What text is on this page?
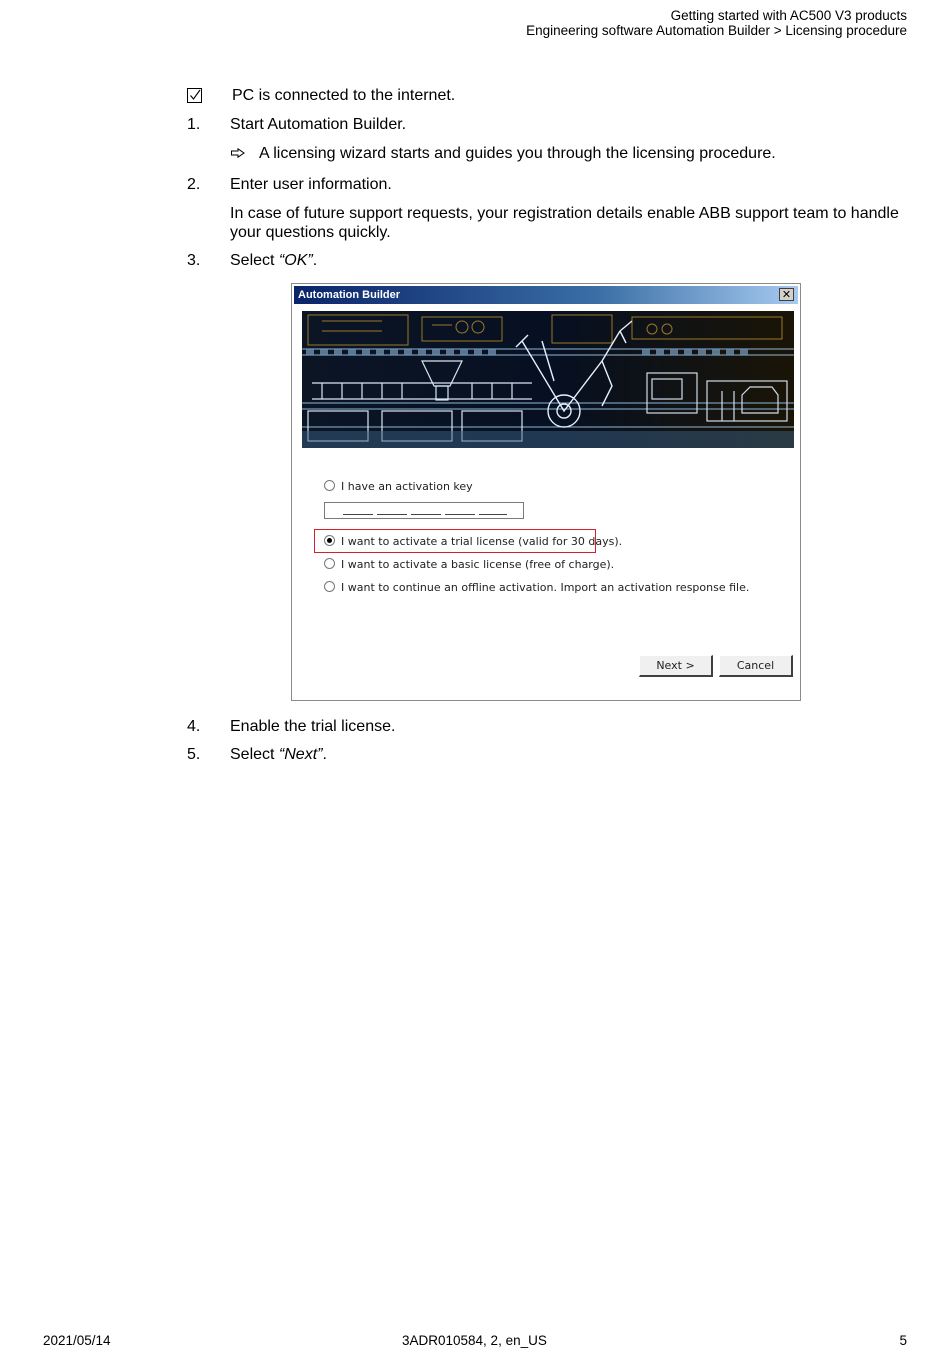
Getting started with AC500 V3 products
Engineering software Automation Builder > Licensing procedure
PC is connected to the internet.
1. Start Automation Builder.
A licensing wizard starts and guides you through the licensing procedure.
2. Enter user information.
In case of future support requests, your registration details enable ABB support team to handle your questions quickly.
3. Select “OK”.
Automation Builder	✕
I have an activation key
I want to activate a trial license (valid for 30 days).
I want to activate a basic license (free of charge).
I want to continue an offline activation. Import an activation response file.
Next >	Cancel
4. Enable the trial license.
5. Select “Next”.
2021/05/14	3ADR010584, 2, en_US	5
